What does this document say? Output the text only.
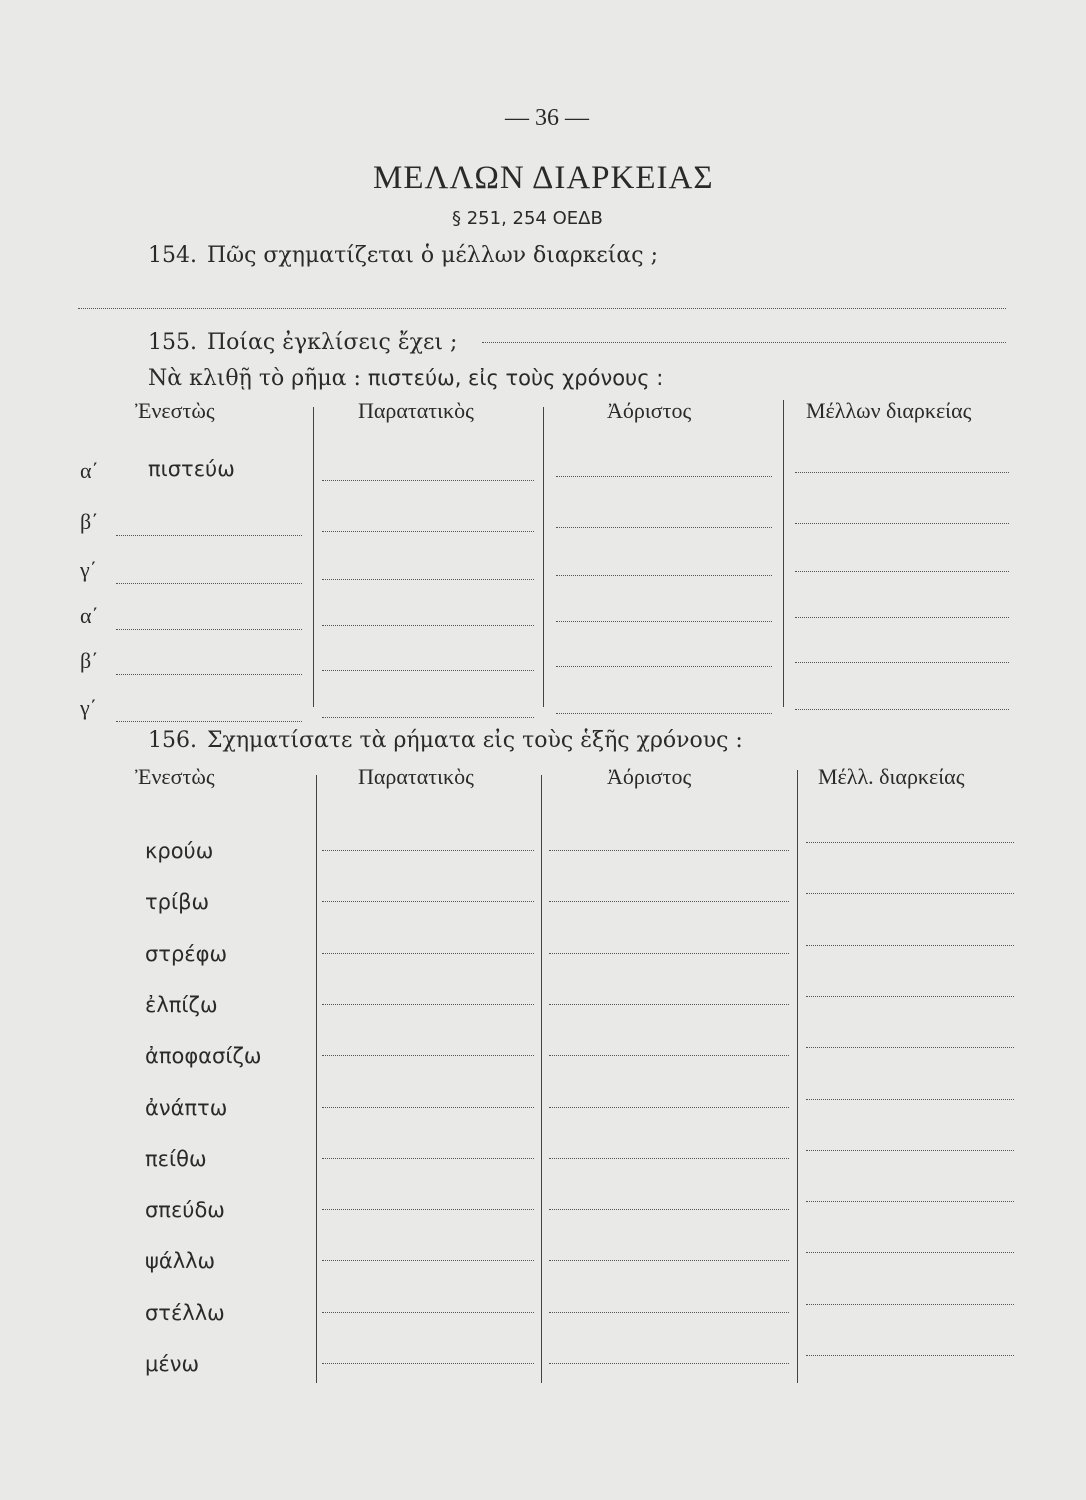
— 36 —
ΜΕΛΛΩΝ ΔΙΑΡΚΕΙΑΣ
§ 251, 254 ΟΕΔΒ
154. Πῶς σχηματίζεται ὁ μέλλων διαρκείας ;
155. Ποίας ἐγκλίσεις ἔχει ;
Νὰ κλιθῇ τὸ ρῆμα : πιστεύω, εἰς τοὺς χρόνους :
Ἐνεστὼς	Παρατατικὸς	Ἀόριστος	Μέλλων διαρκείας
α΄ πιστεύω
β΄
γ΄
α΄
β΄
γ΄
156. Σχηματίσατε τὰ ρήματα εἰς τοὺς ἑξῆς χρόνους :
Ἐνεστὼς	Παρατατικὸς	Ἀόριστος	Μέλλ. διαρκείας
κρούω
τρίβω
στρέφω
ἐλπίζω
ἀποφασίζω
ἀνάπτω
πείθω
σπεύδω
ψάλλω
στέλλω
μένω
